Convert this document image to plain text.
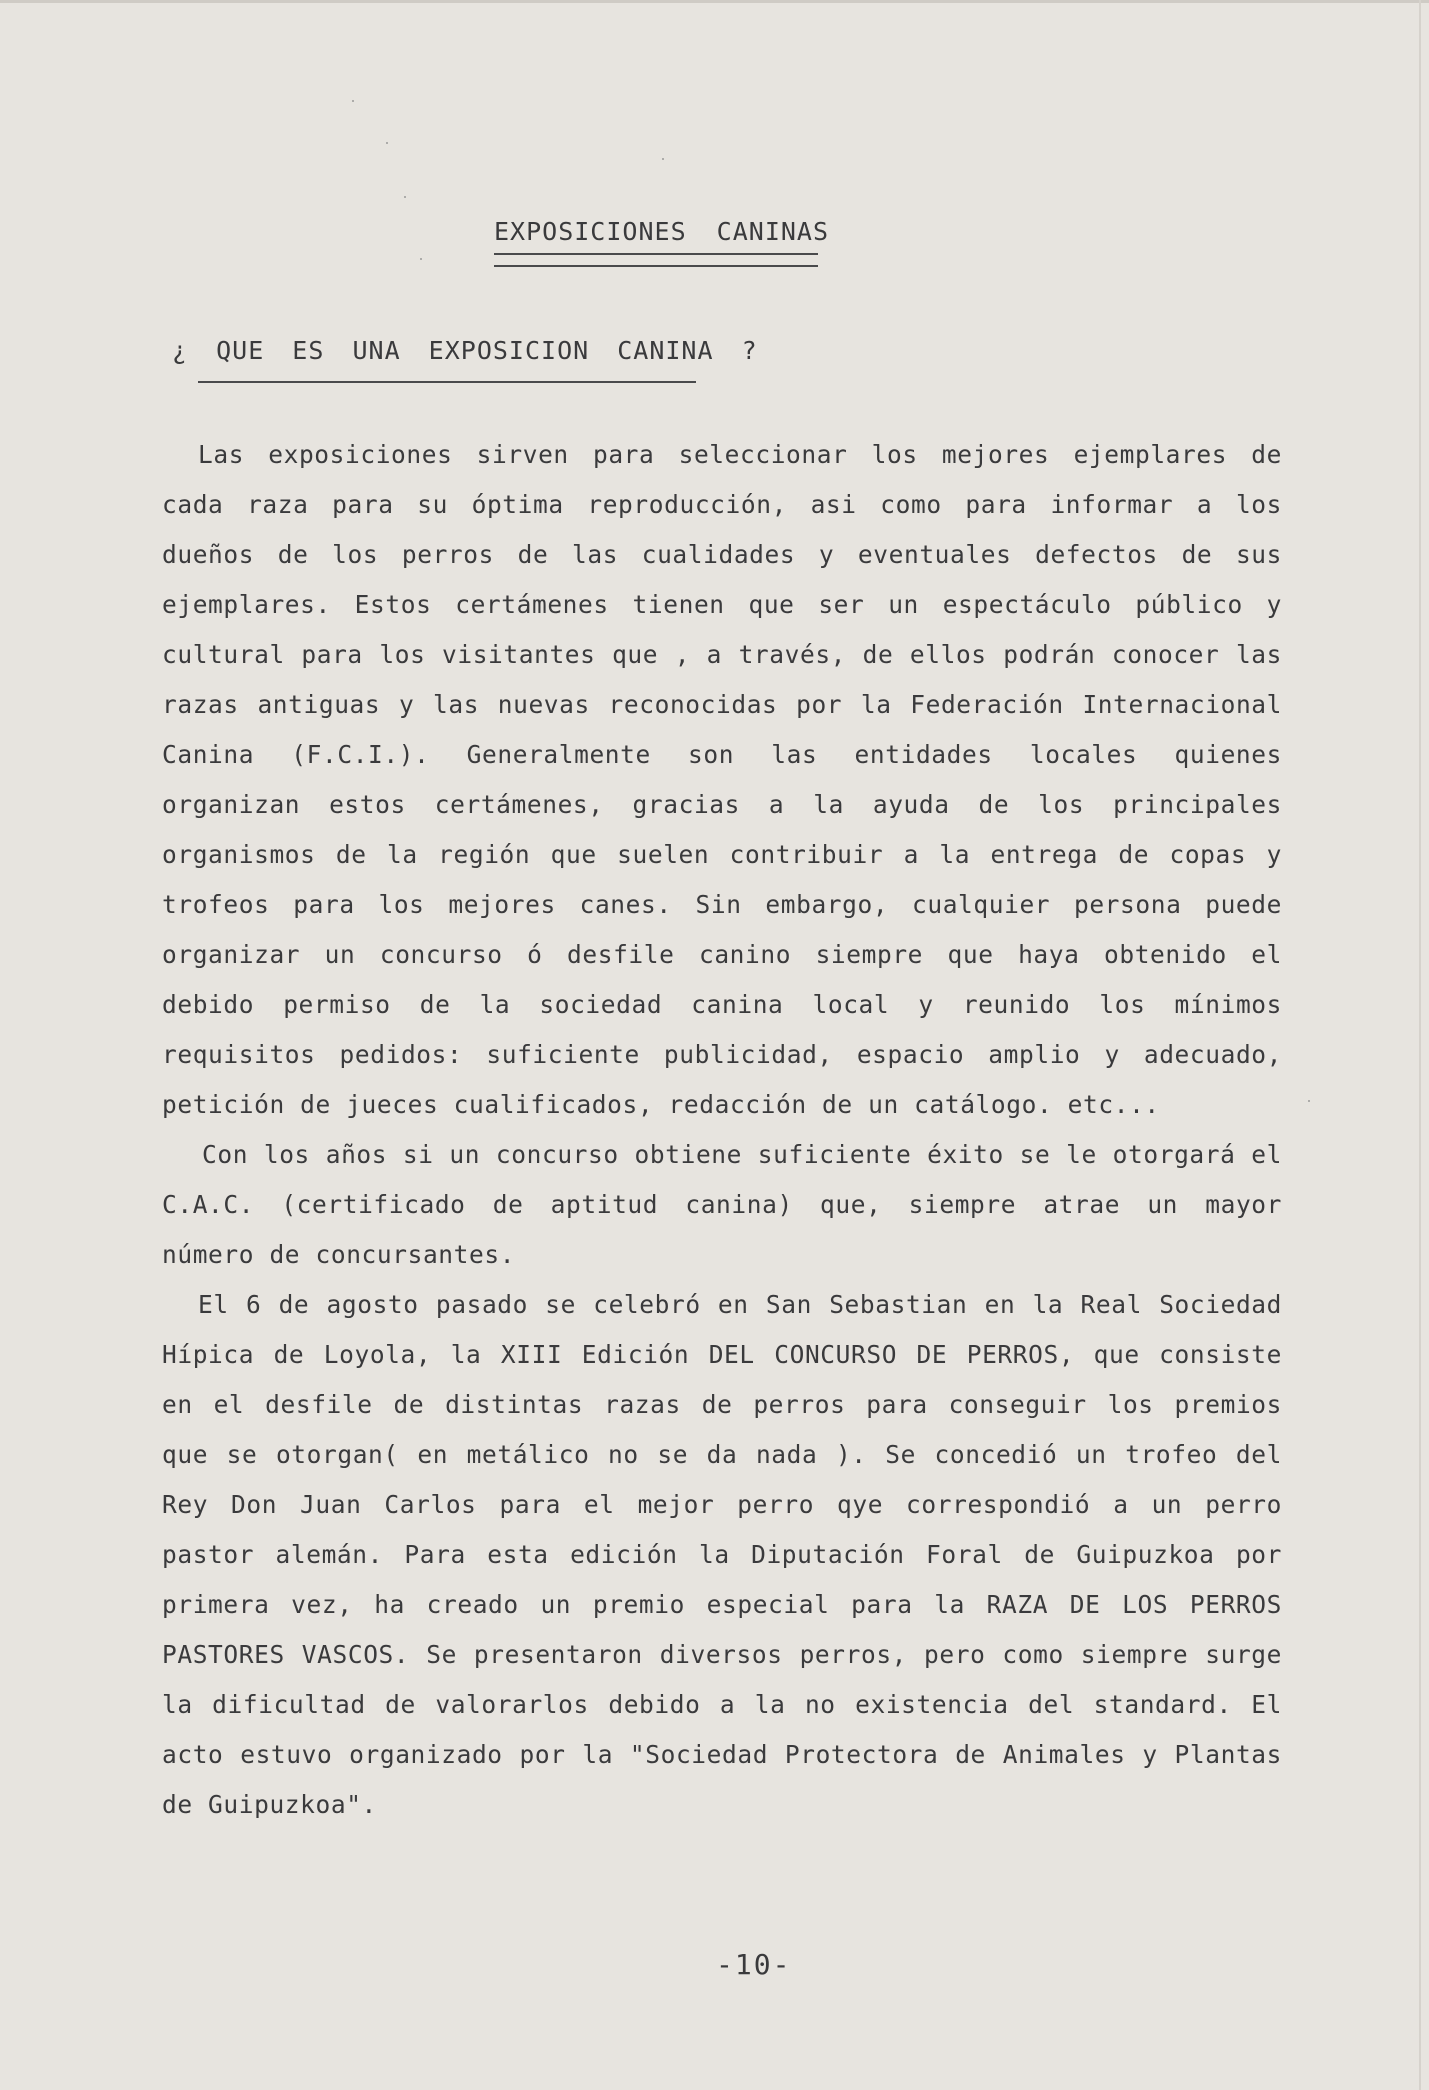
EXPOSICIONES CANINAS
¿ QUE ES UNA EXPOSICION CANINA ?

Las exposiciones sirven para seleccionar los mejores ejemplares de cada raza para su óptima reproducción, asi como para informar a los dueños de los perros de las cualidades y eventuales defectos de sus ejemplares. Estos certámenes tienen que ser un espectáculo público y cultural para los visitantes que , a través, de ellos podrán conocer las razas antiguas y las nuevas reconocidas por la Federación Internacional Canina (F.C.I.). Generalmente son las entidades locales quienes organizan estos certámenes, gracias a la ayuda de los principales organismos de la región que suelen contribuir a la entrega de copas y trofeos para los mejores canes. Sin embargo, cualquier persona puede organizar un concurso ó desfile canino siempre que haya obtenido el debido permiso de la sociedad canina local y reunido los mínimos requisitos pedidos: suficiente publicidad, espacio amplio y adecuado, petición de jueces cualificados, redacción de un catálogo. etc...

Con los años si un concurso obtiene suficiente éxito se le otorgará el C.A.C. (certificado de aptitud canina) que, siempre atrae un mayor número de concursantes.

El 6 de agosto pasado se celebró en San Sebastian en la Real Sociedad Hípica de Loyola, la XIII Edición DEL CONCURSO DE PERROS, que consiste en el desfile de distintas razas de perros para conseguir los premios que se otorgan( en metálico no se da nada ). Se concedió un trofeo del Rey Don Juan Carlos para el mejor perro qye correspondió a un perro pastor alemán. Para esta edición la Diputación Foral de Guipuzkoa por primera vez, ha creado un premio especial para la RAZA DE LOS PERROS PASTORES VASCOS. Se presentaron diversos perros, pero como siempre surge la dificultad de valorarlos debido a la no existencia del standard. El acto estuvo organizado por la "Sociedad Protectora de Animales y Plantas de Guipuzkoa".

-10-
